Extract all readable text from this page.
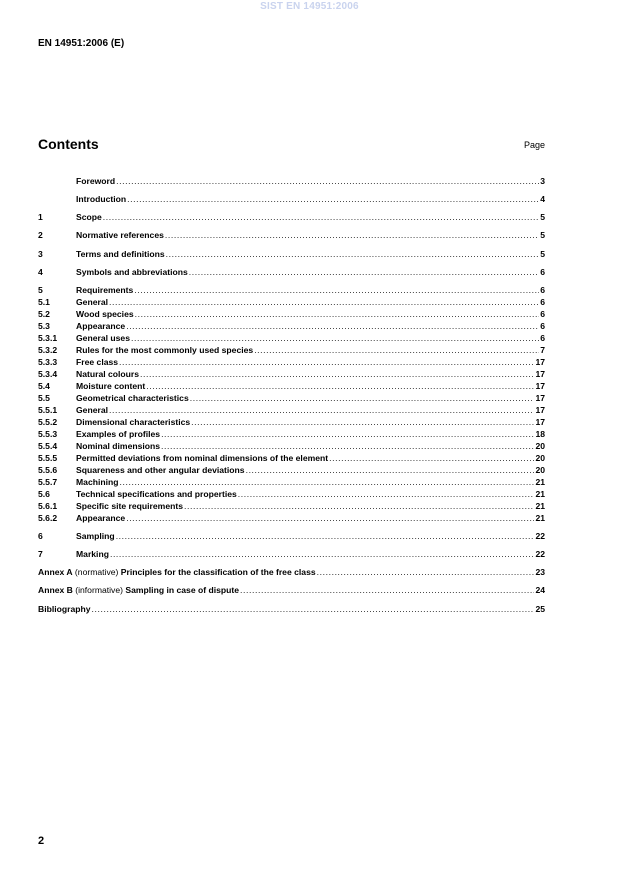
SIST EN 14951:2006
EN 14951:2006 (E)
Contents	Page
Foreword .....	3
Introduction .....	4
1	Scope .....	5
2	Normative references .....	5
3	Terms and definitions .....	5
4	Symbols and abbreviations .....	6
5	Requirements .....	6
5.1	General .....	6
5.2	Wood species .....	6
5.3	Appearance .....	6
5.3.1	General uses .....	6
5.3.2	Rules for the most commonly used species .....	7
5.3.3	Free class .....	17
5.3.4	Natural colours .....	17
5.4	Moisture content .....	17
5.5	Geometrical characteristics .....	17
5.5.1	General .....	17
5.5.2	Dimensional characteristics .....	17
5.5.3	Examples of profiles .....	18
5.5.4	Nominal dimensions .....	20
5.5.5	Permitted deviations from nominal dimensions of the element .....	20
5.5.6	Squareness and other angular deviations .....	20
5.5.7	Machining .....	21
5.6	Technical specifications and properties .....	21
5.6.1	Specific site requirements .....	21
5.6.2	Appearance .....	21
6	Sampling .....	22
7	Marking .....	22
Annex A (normative) Principles for the classification of the free class .....	23
Annex B (informative) Sampling in case of dispute .....	24
Bibliography .....	25
2
